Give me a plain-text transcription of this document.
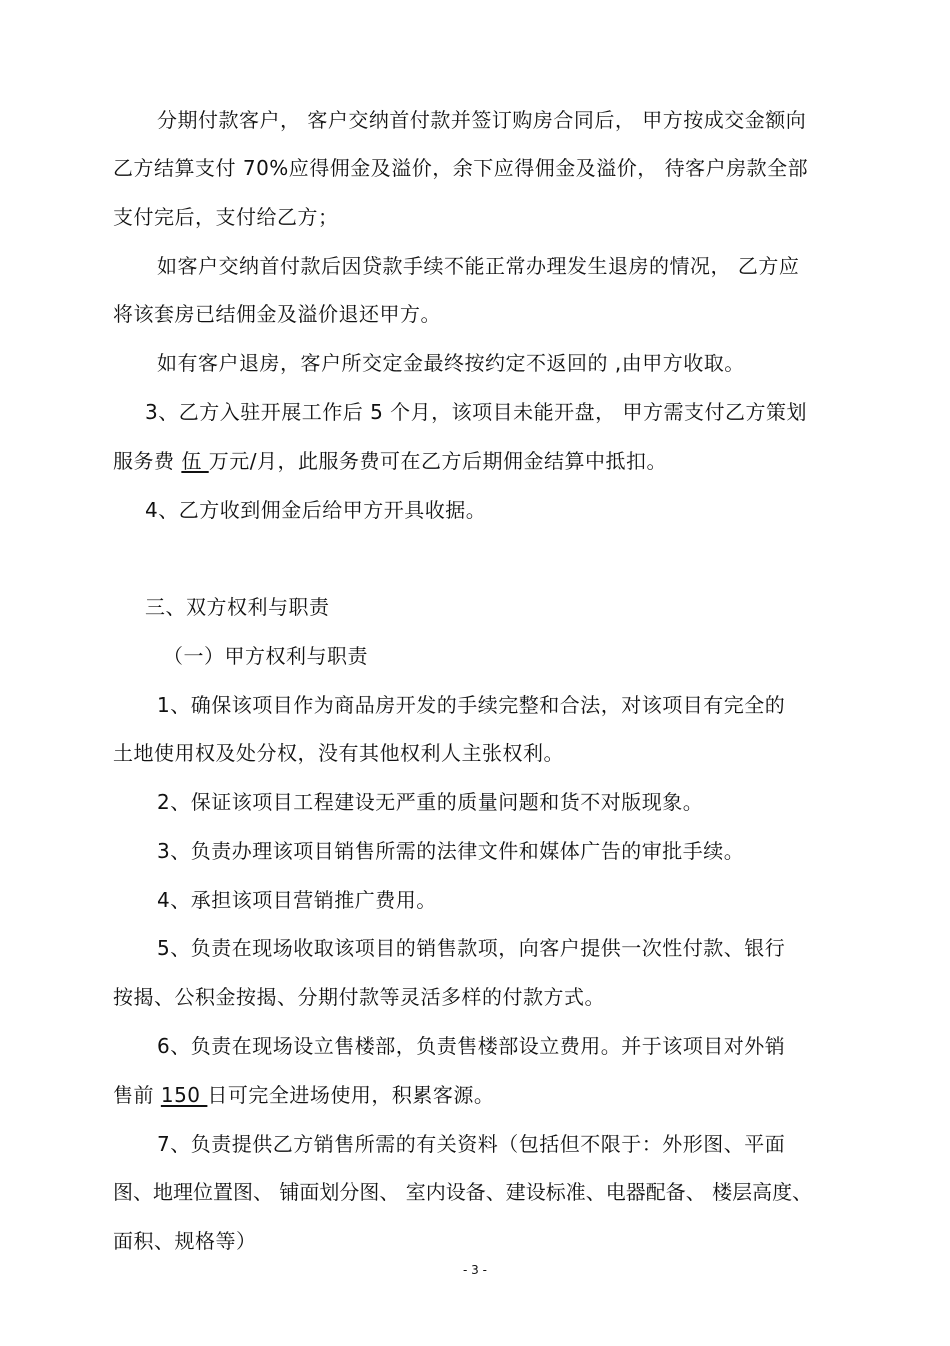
分期付款客户， 客户交纳首付款并签订购房合同后， 甲方按成交金额向
乙方结算支付 70%应得佣金及溢价，余下应得佣金及溢价， 待客户房款全部
支付完后，支付给乙方；
如客户交纳首付款后因贷款手续不能正常办理发生退房的情况， 乙方应
将该套房已结佣金及溢价退还甲方。
如有客户退房，客户所交定金最终按约定不返回的 ,由甲方收取。
3、乙方入驻开展工作后 5 个月，该项目未能开盘， 甲方需支付乙方策划
服务费 伍 万元/月，此服务费可在乙方后期佣金结算中抵扣。
4、乙方收到佣金后给甲方开具收据。
三、双方权利与职责
（一）甲方权利与职责
1、确保该项目作为商品房开发的手续完整和合法，对该项目有完全的
土地使用权及处分权，没有其他权利人主张权利。
2、保证该项目工程建设无严重的质量问题和货不对版现象。
3、负责办理该项目销售所需的法律文件和媒体广告的审批手续。
4、承担该项目营销推广费用。
5、负责在现场收取该项目的销售款项，向客户提供一次性付款、银行
按揭、公积金按揭、分期付款等灵活多样的付款方式。
6、负责在现场设立售楼部，负责售楼部设立费用。并于该项目对外销
售前 150 日可完全进场使用，积累客源。
7、负责提供乙方销售所需的有关资料（包括但不限于：外形图、平面
图、地理位置图、 铺面划分图、 室内设备、建设标准、电器配备、 楼层高度、
面积、规格等）
- 3 -
